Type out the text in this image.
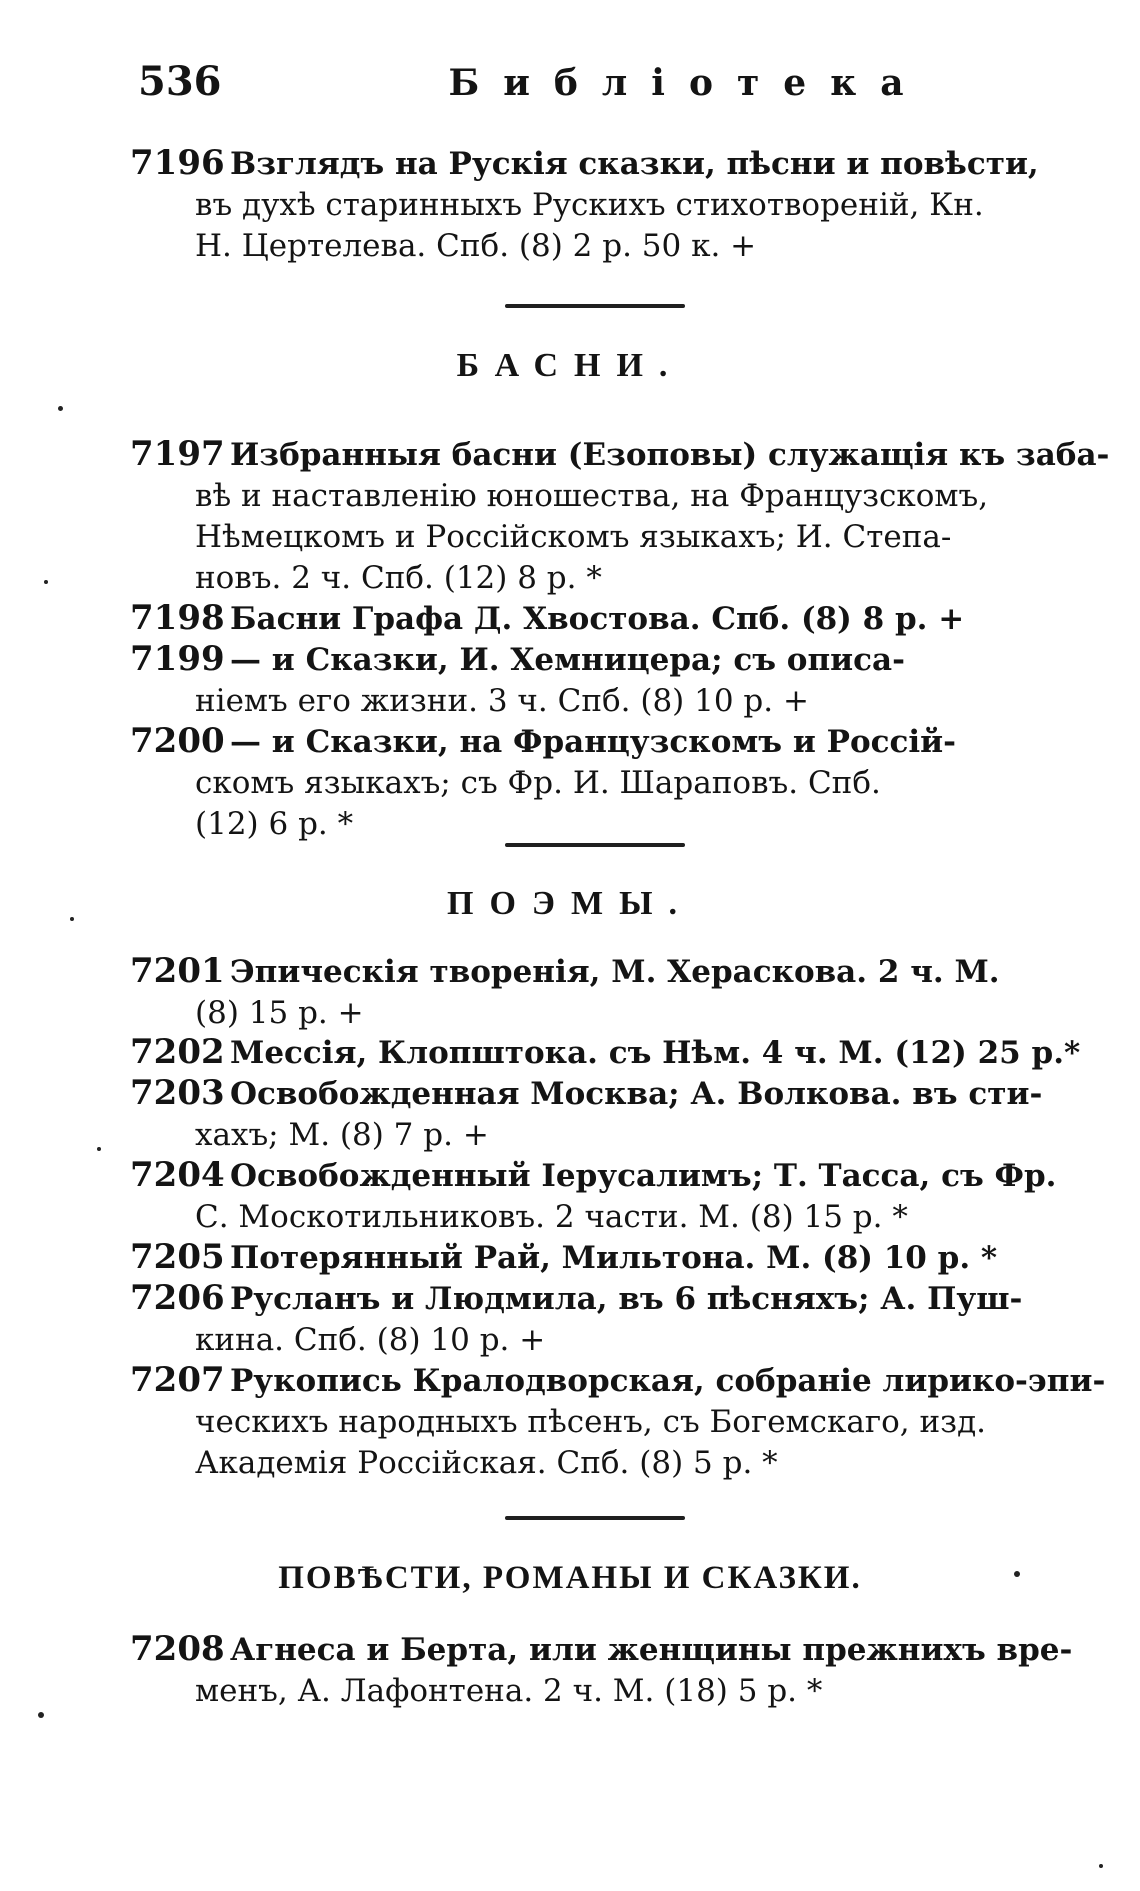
536	Библіотека
7196 Взглядъ на Рускія сказки, пѣсни и повѣсти,
въ духѣ старинныхъ Рускихъ стихотвореній, Кн.
Н. Цертелева. Спб. (8) 2 р. 50 к. +
БАСНИ.
7197 Избранныя басни (Езоповы) служащія къ заба-
вѣ и наставленію юношества, на Французскомъ,
Нѣмецкомъ и Россійскомъ языкахъ; И. Степа-
новъ. 2 ч. Спб. (12) 8 р. *
7198 Басни Графа Д. Хвостова. Спб. (8) 8 р. +
7199 — и Сказки, И. Хемницера; съ описа-
ніемъ его жизни. 3 ч. Спб. (8) 10 р. +
7200 — и Сказки, на Французскомъ и Россій-
скомъ языкахъ; съ Фр. И. Шараповъ. Спб.
(12) 6 р. *
ПОЭМЫ.
7201 Эпическія творенія, М. Хераскова. 2 ч. М.
(8) 15 р. +
7202 Мессія, Клопштока. съ Нѣм. 4 ч. М. (12) 25 р.*
7203 Освобожденная Москва; А. Волкова. въ сти-
хахъ; М. (8) 7 р. +
7204 Освобожденный Іерусалимъ; Т. Тасса, съ Фр.
С. Москотильниковъ. 2 части. М. (8) 15 р. *
7205 Потерянный Рай, Мильтона. М. (8) 10 р. *
7206 Русланъ и Людмила, въ 6 пѣсняхъ; А. Пуш-
кина. Спб. (8) 10 р. +
7207 Рукопись Кралодворская, собраніе лирико-эпи-
ческихъ народныхъ пѣсенъ, съ Богемскаго, изд.
Академія Россійская. Спб. (8) 5 р. *
ПОВѢСТИ, РОМАНЫ И СКАЗКИ.
7208 Агнеса и Берта, или женщины прежнихъ вре-
менъ, А. Лафонтена. 2 ч. М. (18) 5 р. *
